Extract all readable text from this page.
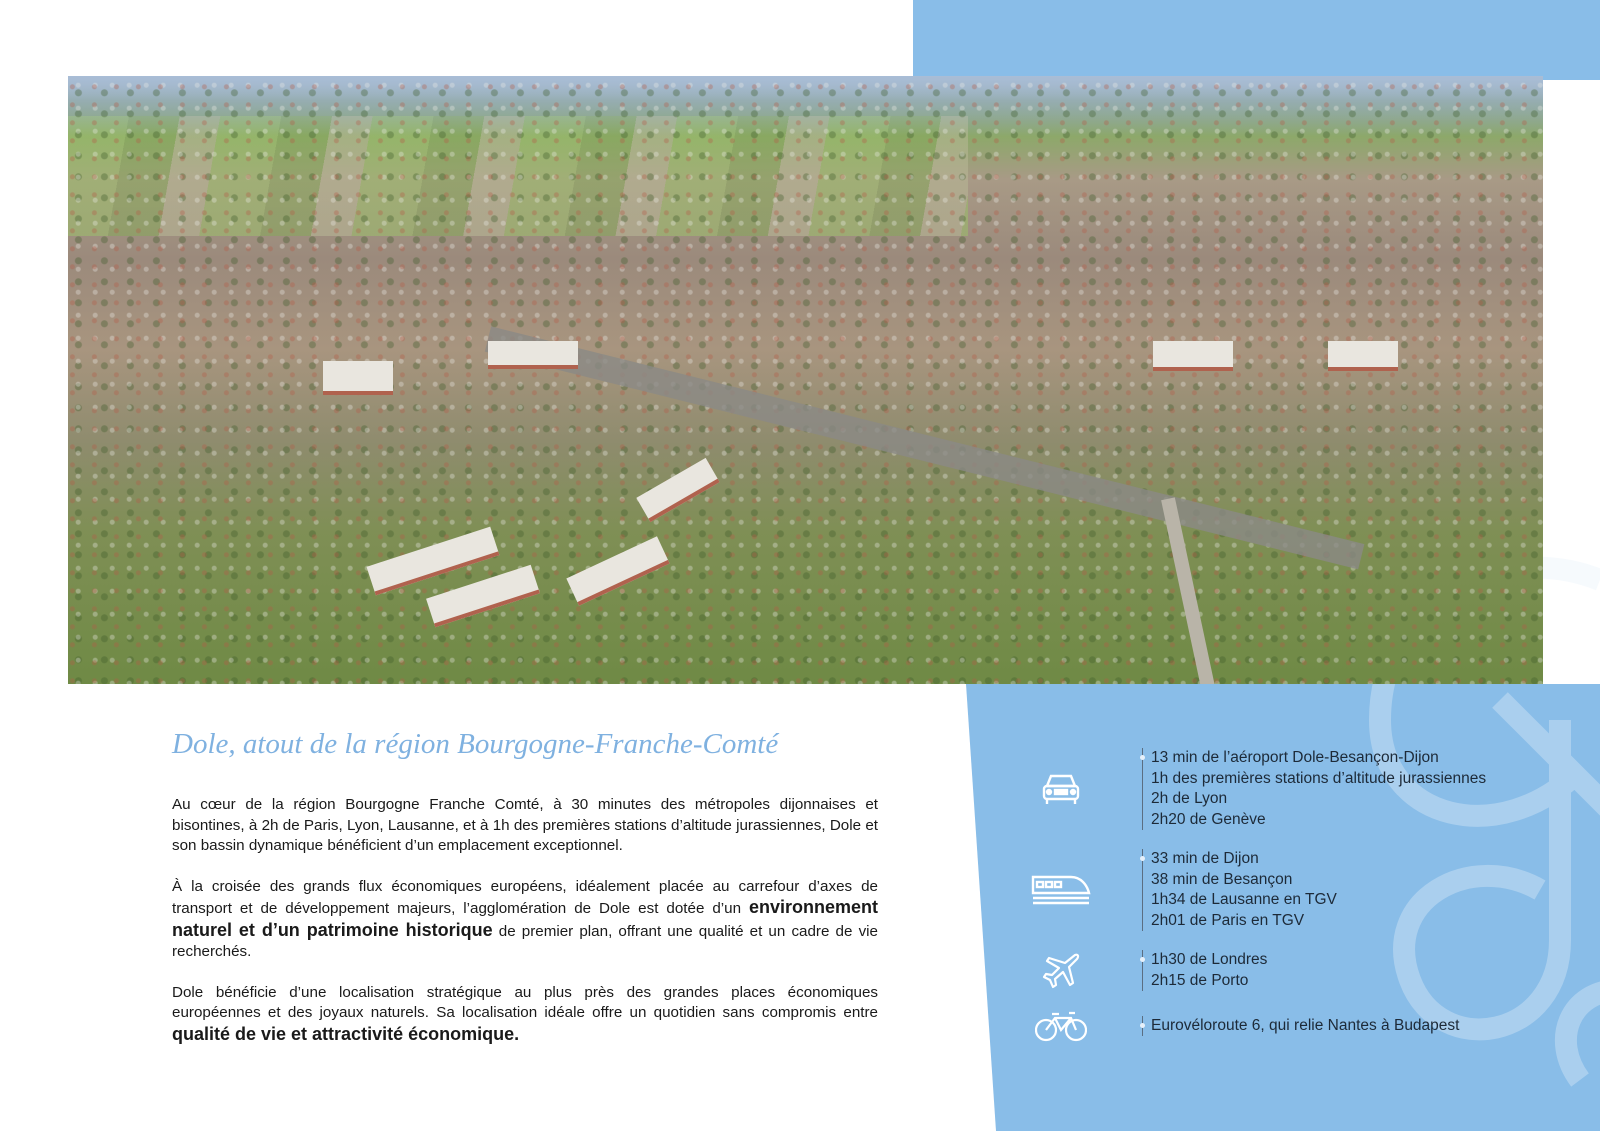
Dole, atout de la région Bourgogne-Franche-Comté

Au cœur de la région Bourgogne Franche Comté, à 30 minutes des métropoles dijonnaises et bisontines, à 2h de Paris, Lyon, Lausanne, et à 1h des premières stations d’altitude jurassiennes, Dole et son bassin dynamique bénéficient d’un emplacement exceptionnel.

À la croisée des grands flux économiques européens, idéalement placée au carrefour d’axes de transport et de développement majeurs, l’agglomération de Dole est dotée d’un environnement naturel et d’un patrimoine historique de premier plan, offrant une qualité et un cadre de vie recherchés.

Dole bénéficie d’une localisation stratégique au plus près des grandes places économiques européennes et des joyaux naturels. Sa localisation idéale offre un quotidien sans compromis entre qualité de vie et attractivité économique.

13 min de l’aéroport Dole-Besançon-Dijon
1h des premières stations d’altitude jurassiennes
2h de Lyon
2h20 de Genève
33 min de Dijon
38 min de Besançon
1h34 de Lausanne en TGV
2h01 de Paris en TGV
1h30 de Londres
2h15 de Porto
Eurovéloroute 6, qui relie Nantes à Budapest
